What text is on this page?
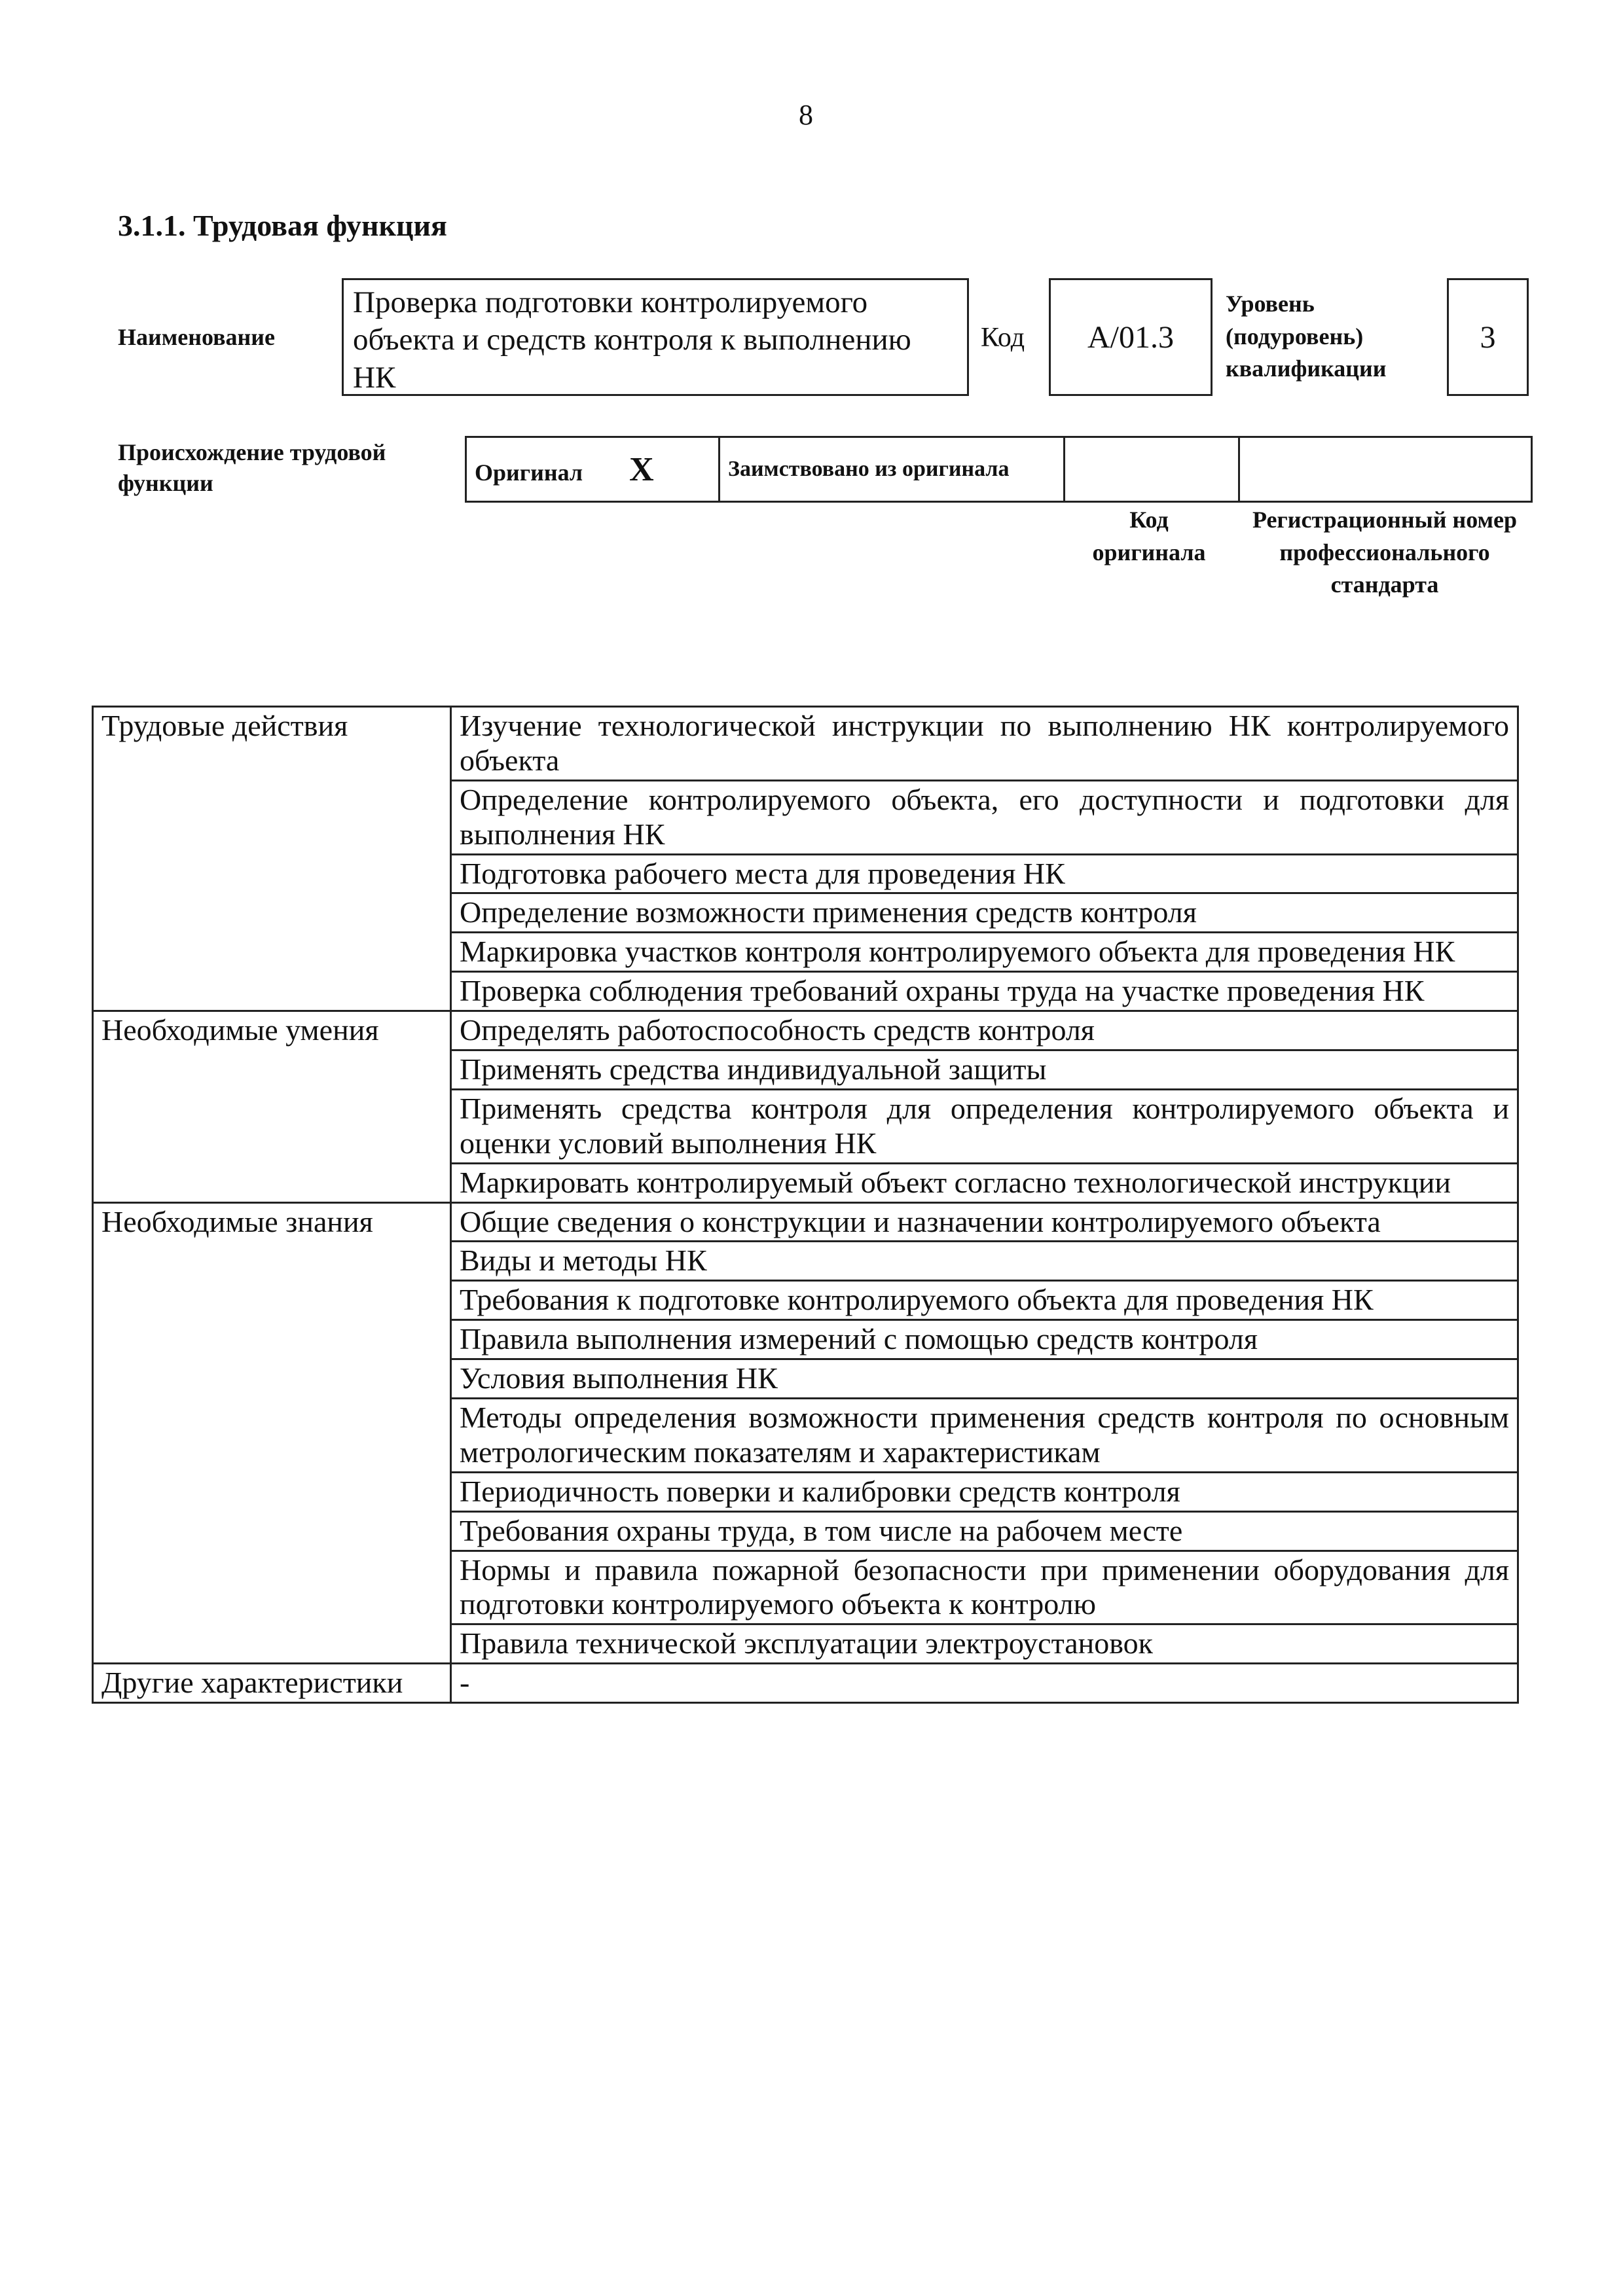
8
3.1.1. Трудовая функция
Наименование
Проверка подготовки контролируемого объекта и средств контроля к выполнению НК
Код	А/01.3
Уровень
(подуровень)
квалификации
3
Происхождение трудовой функции	Оригинал X	Заимствовано из оригинала		
Код оригинала
Регистрационный номер профессионального стандарта
Трудовые действия	Изучение технологической инструкции по выполнению НК контролируемого объекта
	Определение контролируемого объекта, его доступности и подготовки для выполнения НК
	Подготовка рабочего места для проведения НК
	Определение возможности применения средств контроля
	Маркировка участков контроля контролируемого объекта для проведения НК
	Проверка соблюдения требований охраны труда на участке проведения НК
Необходимые умения	Определять работоспособность средств контроля
	Применять средства индивидуальной защиты
	Применять средства контроля для определения контролируемого объекта и оценки условий выполнения НК
	Маркировать контролируемый объект согласно технологической инструкции
Необходимые знания	Общие сведения о конструкции и назначении контролируемого объекта
	Виды и методы НК
	Требования к подготовке контролируемого объекта для проведения НК
	Правила выполнения измерений с помощью средств контроля
	Условия выполнения НК
	Методы определения возможности применения средств контроля по основным метрологическим показателям и характеристикам
	Периодичность поверки и калибровки средств контроля
	Требования охраны труда, в том числе на рабочем месте
	Нормы и правила пожарной безопасности при применении оборудования для подготовки контролируемого объекта к контролю
	Правила технической эксплуатации электроустановок
Другие характеристики	-
